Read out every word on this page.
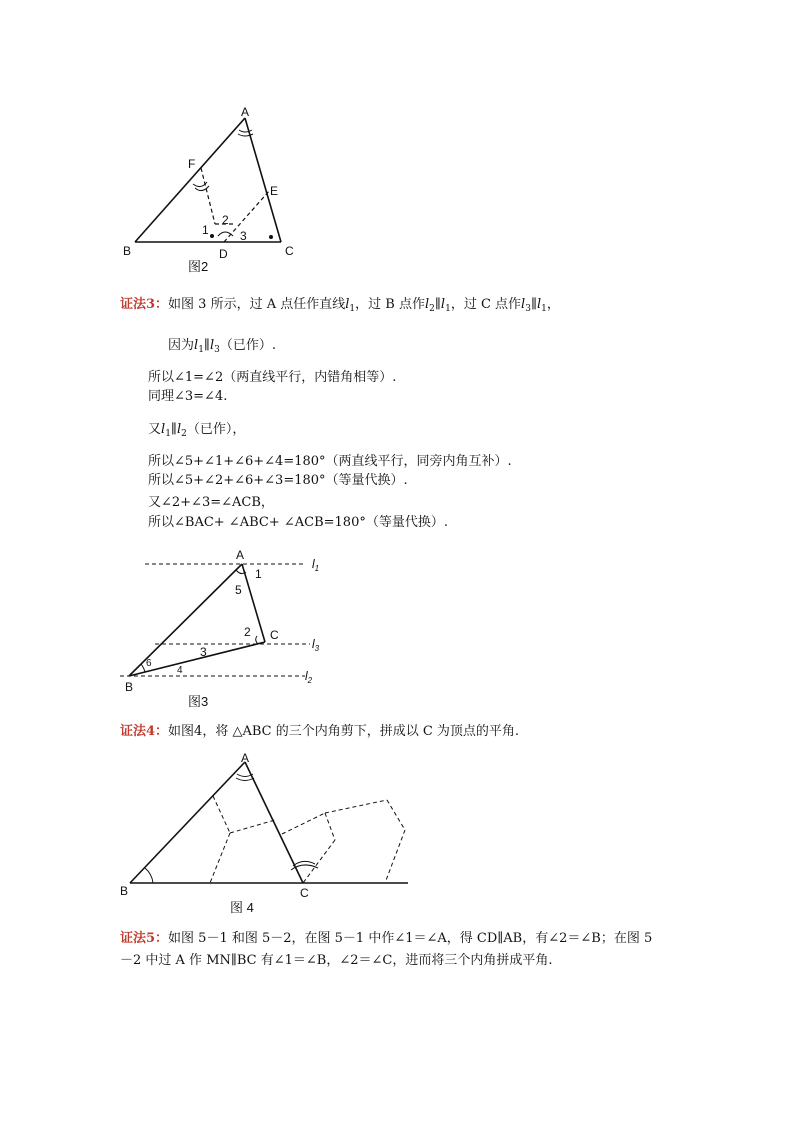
A
F
E
B	C
D
1
2
3
图2
证法3：如图 3 所示，过 A 点任作直线$l_1$，过 B 点作$l_2\parallel l_1$，过 C 点作$l_3\parallel l_1$，
因为$l_1\parallel l_3$（已作）.
所以∠1=∠2（两直线平行，内错角相等）.
同理∠3=∠4.
又$l_1\parallel l_2$（已作），
所以∠5+∠1+∠6+∠4=180°（两直线平行，同旁内角互补）.
所以∠5+∠2+∠6+∠3=180°（等量代换）.
又∠2+∠3=∠ACB，
所以∠BAC+ ∠ABC+ ∠ACB=180°（等量代换）.
A
C
B
1
5
2
3
6
4
$l_1$
$l_3$
$l_2$
图3
证法4：如图4，将 △ABC 的三个内角剪下，拼成以 C 为顶点的平角.
A
B	C
图 4
证法5：如图 5－1 和图 5－2，在图 5－1 中作∠1＝∠A，得 CD∥AB，有∠2＝∠B；在图 5
－2 中过 A 作 MN∥BC 有∠1＝∠B，∠2＝∠C，进而将三个内角拼成平角.
